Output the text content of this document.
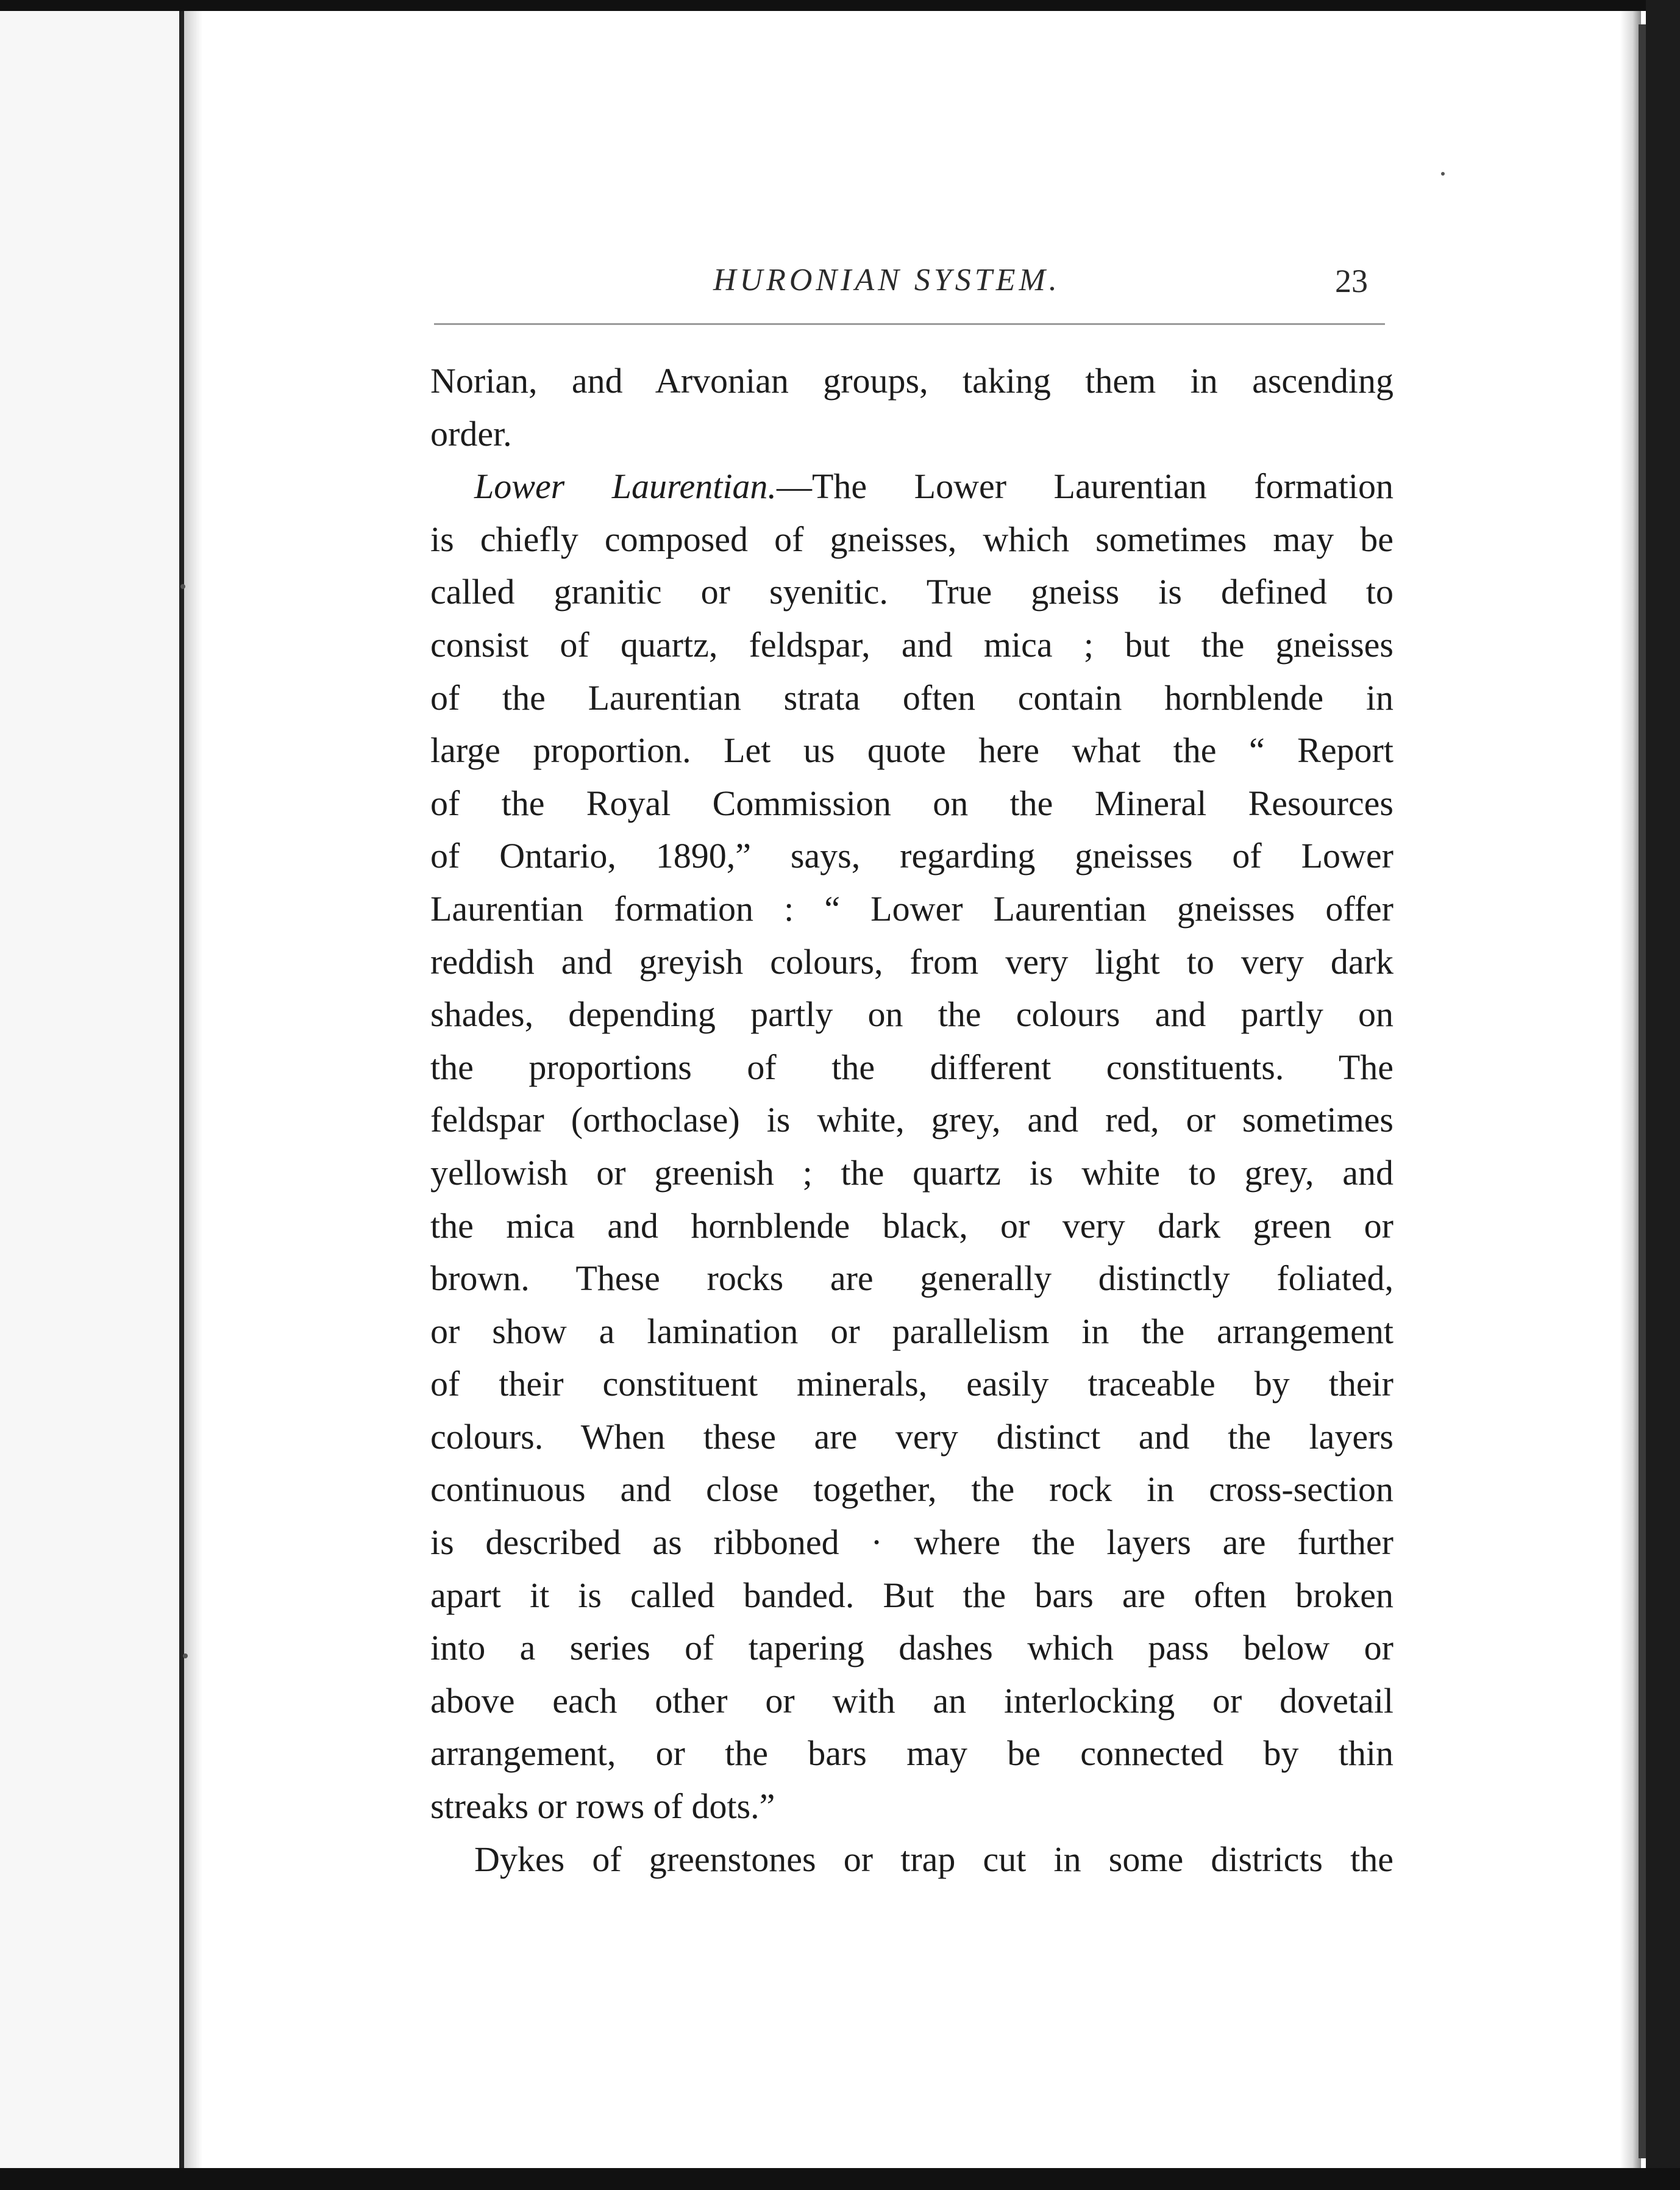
HURONIAN SYSTEM.	23
Norian, and Arvonian groups, taking them in ascending
order.
Lower Laurentian.—The Lower Laurentian formation
is chiefly composed of gneisses, which sometimes may be
called granitic or syenitic. True gneiss is defined to
consist of quartz, feldspar, and mica ; but the gneisses
of the Laurentian strata often contain hornblende in
large proportion. Let us quote here what the “ Report
of the Royal Commission on the Mineral Resources
of Ontario, 1890,” says, regarding gneisses of Lower
Laurentian formation : “ Lower Laurentian gneisses offer
reddish and greyish colours, from very light to very dark
shades, depending partly on the colours and partly on
the proportions of the different constituents. The
feldspar (orthoclase) is white, grey, and red, or sometimes
yellowish or greenish ; the quartz is white to grey, and
the mica and hornblende black, or very dark green or
brown. These rocks are generally distinctly foliated,
or show a lamination or parallelism in the arrangement
of their constituent minerals, easily traceable by their
colours. When these are very distinct and the layers
continuous and close together, the rock in cross-section
is described as ribboned · where the layers are further
apart it is called banded. But the bars are often broken
into a series of tapering dashes which pass below or
above each other or with an interlocking or dovetail
arrangement, or the bars may be connected by thin
streaks or rows of dots.”
Dykes of greenstones or trap cut in some districts the
